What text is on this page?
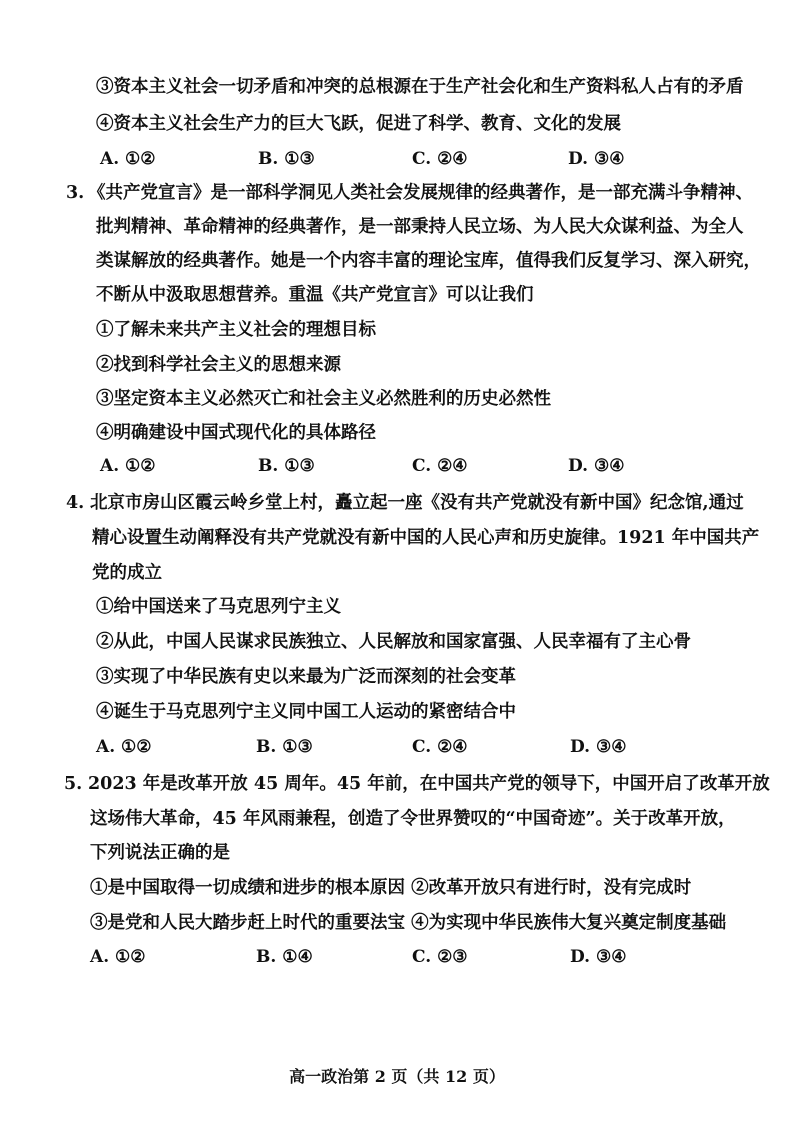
③资本主义社会一切矛盾和冲突的总根源在于生产社会化和生产资料私人占有的矛盾
④资本主义社会生产力的巨大飞跃，促进了科学、教育、文化的发展
A. ①②	B. ①③	C. ②④	D. ③④
3. 《共产党宣言》是一部科学洞见人类社会发展规律的经典著作，是一部充满斗争精神、
批判精神、革命精神的经典著作，是一部秉持人民立场、为人民大众谋利益、为全人
类谋解放的经典著作。她是一个内容丰富的理论宝库，值得我们反复学习、深入研究，
不断从中汲取思想营养。重温《共产党宣言》可以让我们
①了解未来共产主义社会的理想目标
②找到科学社会主义的思想来源
③坚定资本主义必然灭亡和社会主义必然胜利的历史必然性
④明确建设中国式现代化的具体路径
A. ①②	B. ①③	C. ②④	D. ③④
4. 北京市房山区霞云岭乡堂上村，矗立起一座《没有共产党就没有新中国》纪念馆,通过
精心设置生动阐释没有共产党就没有新中国的人民心声和历史旋律。1921 年中国共产
党的成立
①给中国送来了马克思列宁主义
②从此，中国人民谋求民族独立、人民解放和国家富强、人民幸福有了主心骨
③实现了中华民族有史以来最为广泛而深刻的社会变革
④诞生于马克思列宁主义同中国工人运动的紧密结合中
A. ①②	B. ①③	C. ②④	D. ③④
5. 2023 年是改革开放 45 周年。45 年前，在中国共产党的领导下，中国开启了改革开放
这场伟大革命，45 年风雨兼程，创造了令世界赞叹的“中国奇迹”。关于改革开放，
下列说法正确的是
①是中国取得一切成绩和进步的根本原因 ②改革开放只有进行时，没有完成时
③是党和人民大踏步赶上时代的重要法宝 ④为实现中华民族伟大复兴奠定制度基础
A. ①②	B. ①④	C. ②③	D. ③④
高一政治第 2 页（共 12 页）
